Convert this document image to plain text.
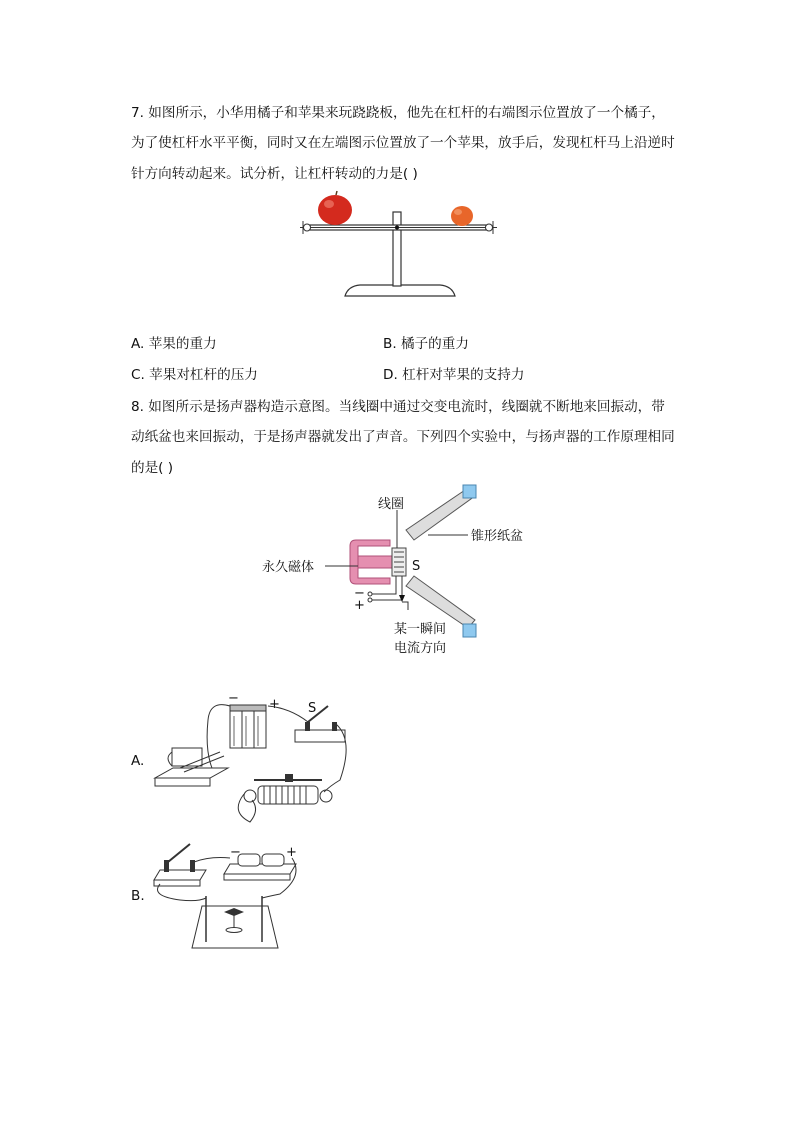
7. 如图所示，小华用橘子和苹果来玩跷跷板，他先在杠杆的右端图示位置放了一个橘子，
为了使杠杆水平平衡，同时又在左端图示位置放了一个苹果，放手后，发现杠杆马上沿逆时
针方向转动起来。试分析，让杠杆转动的力是( )
A. 苹果的重力	B. 橘子的重力
C. 苹果对杠杆的压力	D. 杠杆对苹果的支持力
8. 如图所示是扬声器构造示意图。当线圈中通过交变电流时，线圈就不断地来回振动，带
动纸盆也来回振动，于是扬声器就发出了声音。下列四个实验中，与扬声器的工作原理相同
的是( )
线圈
锥形纸盆
永久磁体	S
−
+
某一瞬间
电流方向
A.
− + S
B.
−	+
